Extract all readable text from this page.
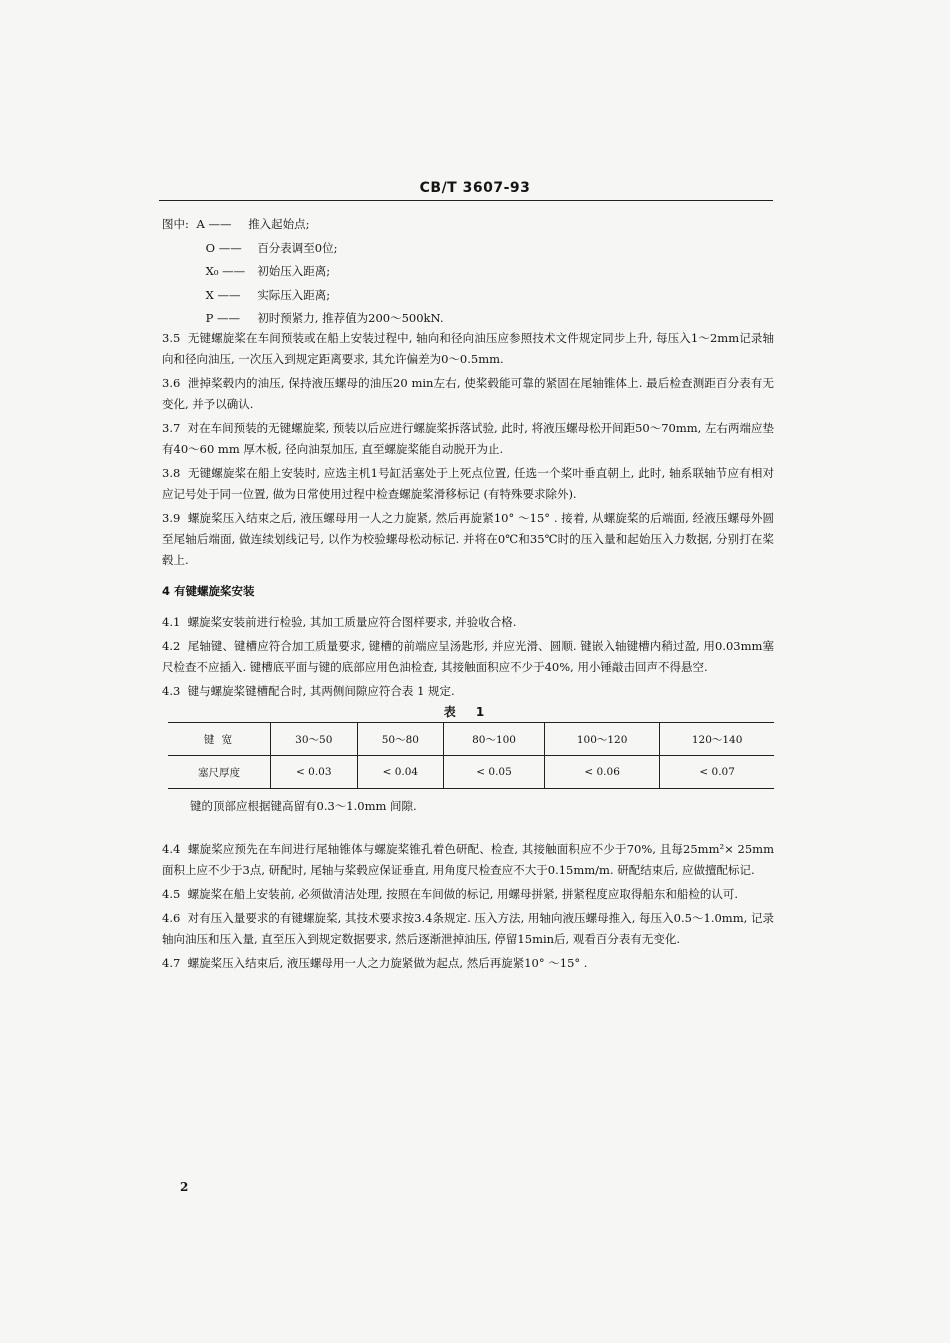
CB/T 3607-93
图中: A —— 推入起始点;
O —— 百分表调至0位;
X₀ —— 初始压入距离;
X —— 实际压入距离;
P —— 初时预紧力, 推荐值为200～500kN.
3.5  无键螺旋桨在车间预装或在船上安装过程中, 轴向和径向油压应参照技术文件规定同步上升, 每压入1～2mm记录轴向和径向油压, 一次压入到规定距离要求, 其允许偏差为0～0.5mm.
3.6  泄掉桨毂内的油压, 保持液压螺母的油压20 min左右, 使桨毂能可靠的紧固在尾轴锥体上. 最后检查测距百分表有无变化, 并予以确认.
3.7  对在车间预装的无键螺旋桨, 预装以后应进行螺旋桨拆落试验, 此时, 将液压螺母松开间距50～70mm, 左右两端应垫有40～60 mm 厚木板, 径向油泵加压, 直至螺旋桨能自动脱开为止.
3.8  无键螺旋桨在船上安装时, 应选主机1号缸活塞处于上死点位置, 任选一个桨叶垂直朝上, 此时, 轴系联轴节应有相对应记号处于同一位置, 做为日常使用过程中检查螺旋桨滑移标记 (有特殊要求除外).
3.9  螺旋桨压入结束之后, 液压螺母用一人之力旋紧, 然后再旋紧10° ～15° . 接着, 从螺旋桨的后端面, 经液压螺母外圆至尾轴后端面, 做连续划线记号, 以作为校验螺母松动标记. 并将在0℃和35℃时的压入量和起始压入力数据, 分别打在桨毂上.
4 有键螺旋桨安装
4.1  螺旋桨安装前进行检验, 其加工质量应符合图样要求, 并验收合格.
4.2  尾轴键、键槽应符合加工质量要求, 键槽的前端应呈汤匙形, 并应光滑、圆顺. 键嵌入轴键槽内稍过盈, 用0.03mm塞尺检查不应插入. 键槽底平面与键的底部应用色油检查, 其接触面积应不少于40%, 用小锤敲击回声不得悬空.
4.3  键与螺旋桨键槽配合时, 其两侧间隙应符合表 1 规定.
表 1
键 宽	30～50	50～80	80～100	100～120	120～140
塞尺厚度	< 0.03	< 0.04	< 0.05	< 0.06	< 0.07
键的顶部应根据键高留有0.3～1.0mm 间隙.
4.4  螺旋桨应预先在车间进行尾轴锥体与螺旋桨锥孔着色研配、检查, 其接触面积应不少于70%, 且每25mm²× 25mm 面积上应不少于3点, 研配时, 尾轴与桨毂应保证垂直, 用角度尺检查应不大于0.15mm/m. 研配结束后, 应做擅配标记.
4.5  螺旋桨在船上安装前, 必须做清洁处理, 按照在车间做的标记, 用螺母拼紧, 拼紧程度应取得船东和船检的认可.
4.6  对有压入量要求的有键螺旋桨, 其技术要求按3.4条规定. 压入方法, 用轴向液压螺母推入, 每压入0.5～1.0mm, 记录轴向油压和压入量, 直至压入到规定数据要求, 然后逐渐泄掉油压, 停留15min后, 观看百分表有无变化.
4.7  螺旋桨压入结束后, 液压螺母用一人之力旋紧做为起点, 然后再旋紧10° ～15° .
2
